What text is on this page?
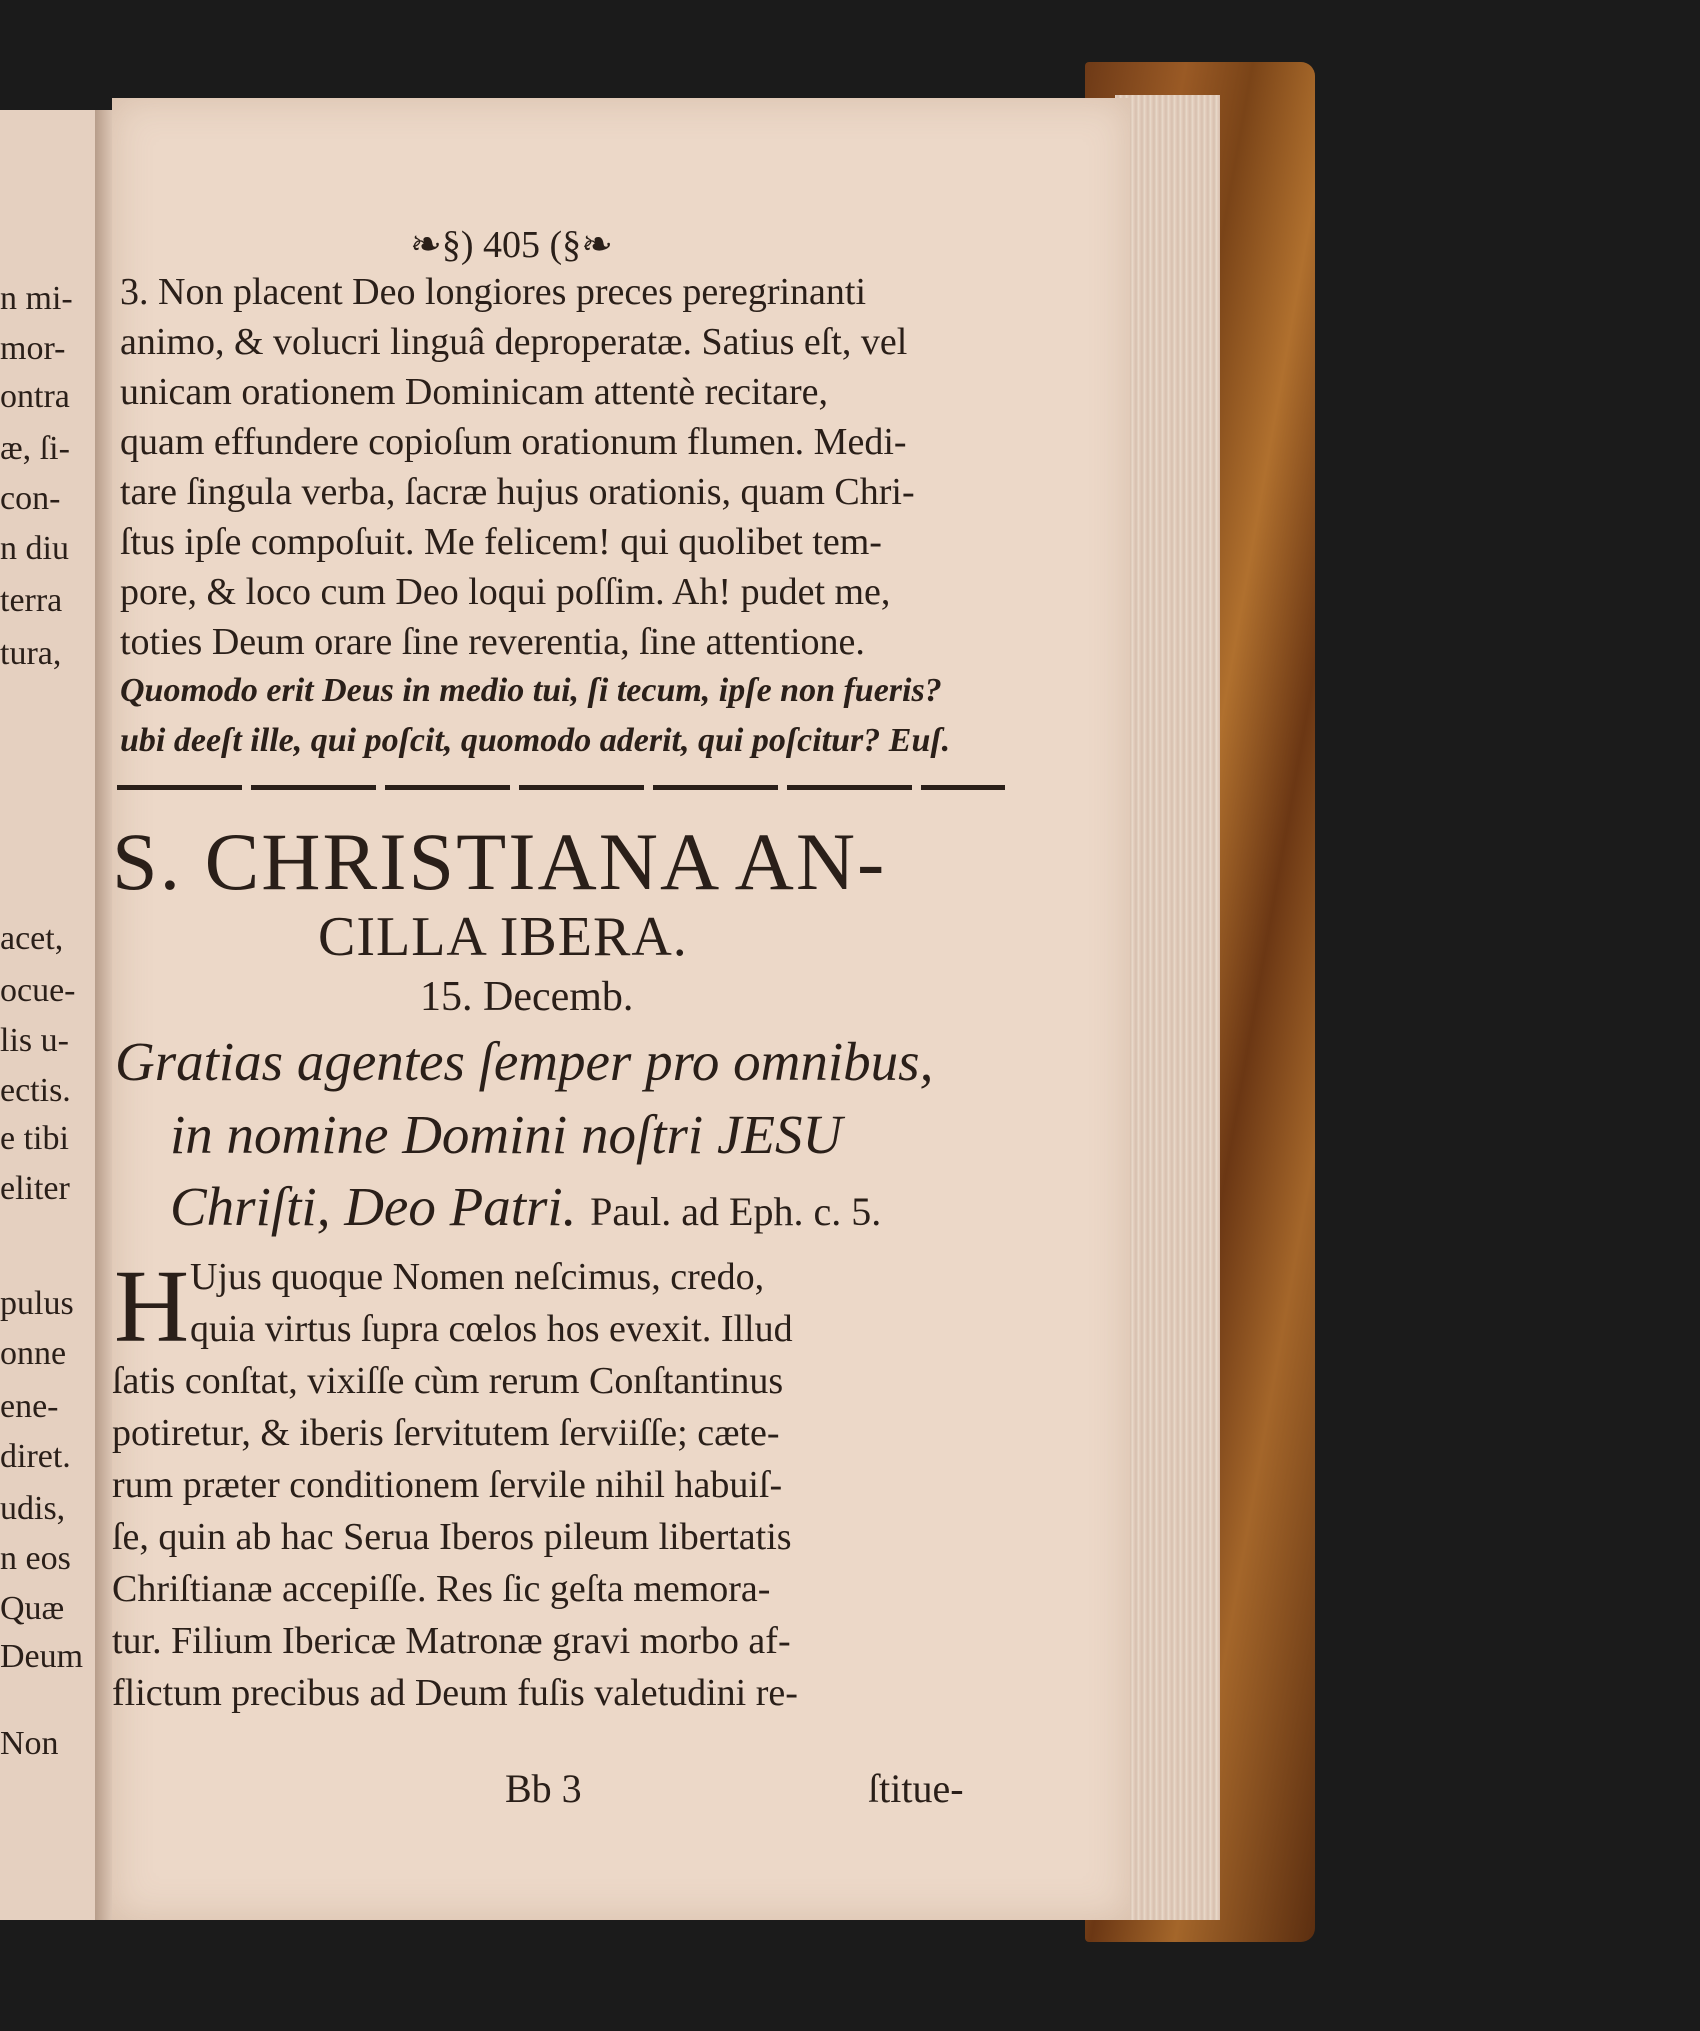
n mi-
mor-
ontra
æ, ſi-
con-
n diu
terra
tura,
acet,
ocue-
lis u-
ectis.
e tibi
eliter
pulus
onne
ene-
diret.
udis,
n eos
Quæ
Deum
Non
❧§) 405 (§❧
3. Non placent Deo longiores preces peregrinanti
animo, & volucri linguâ deproperatæ. Satius eſt, vel
unicam orationem Dominicam attentè recitare,
quam effundere copioſum orationum flumen. Medi-
tare ſingula verba, ſacræ hujus orationis, quam Chri-
ſtus ipſe compoſuit. Me felicem! qui quolibet tem-
pore, & loco cum Deo loqui poſſim. Ah! pudet me,
toties Deum orare ſine reverentia, ſine attentione.
Quomodo erit Deus in medio tui, ſi tecum, ipſe non fueris?
ubi deeſt ille, qui poſcit, quomodo aderit, qui poſcitur? Euſ.
S. CHRISTIANA AN-
CILLA IBERA.
15. Decemb.
Gratias agentes ſemper pro omnibus,
in nomine Domini noſtri JESU
Chriſti, Deo Patri. Paul. ad Eph. c. 5.
H Ujus quoque Nomen neſcimus, credo,
quia virtus ſupra cœlos hos evexit. Illud
ſatis conſtat, vixiſſe cùm rerum Conſtantinus
potiretur, & iberis ſervitutem ſerviiſſe; cæte-
rum præter conditionem ſervile nihil habuiſ-
ſe, quin ab hac Serua Iberos pileum libertatis
Chriſtianæ accepiſſe. Res ſic geſta memora-
tur. Filium Ibericæ Matronæ gravi morbo af-
flictum precibus ad Deum fuſis valetudini re-
Bb 3	ſtitue-
